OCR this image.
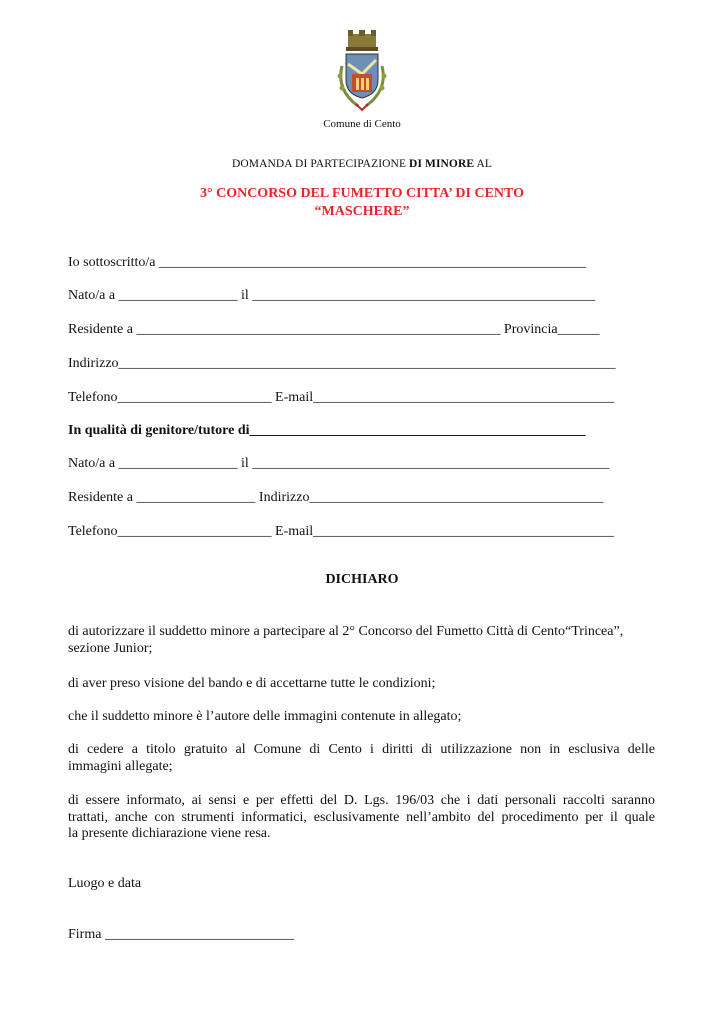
Comune di Cento
DOMANDA DI PARTECIPAZIONE DI MINORE AL
3° CONCORSO DEL FUMETTO CITTA’ DI CENTO
“MASCHERE”
Io sottoscritto/a _____________________________________________________________
Nato/a a _________________ il _________________________________________________
Residente a ____________________________________________________ Provincia______
Indirizzo_______________________________________________________________________
Telefono______________________ E-mail___________________________________________
In qualità di genitore/tutore di________________________________________________
Nato/a a _________________ il ___________________________________________________
Residente a _________________ Indirizzo__________________________________________
Telefono______________________ E-mail___________________________________________
DICHIARO
di autorizzare il suddetto minore a partecipare al 2° Concorso del Fumetto Città di Cento“Trincea”,
sezione Junior;
di aver preso visione del bando e di accettarne tutte le condizioni;
che il suddetto minore è l’autore delle immagini contenute in allegato;
di cedere a titolo gratuito al Comune di Cento i diritti di utilizzazione non in esclusiva delle
immagini allegate;
di essere informato, ai sensi e per effetti del D. Lgs. 196/03 che i dati personali raccolti saranno
trattati, anche con strumenti informatici, esclusivamente nell’ambito del procedimento per il quale
la presente dichiarazione viene resa.
Luogo e data
Firma ___________________________
